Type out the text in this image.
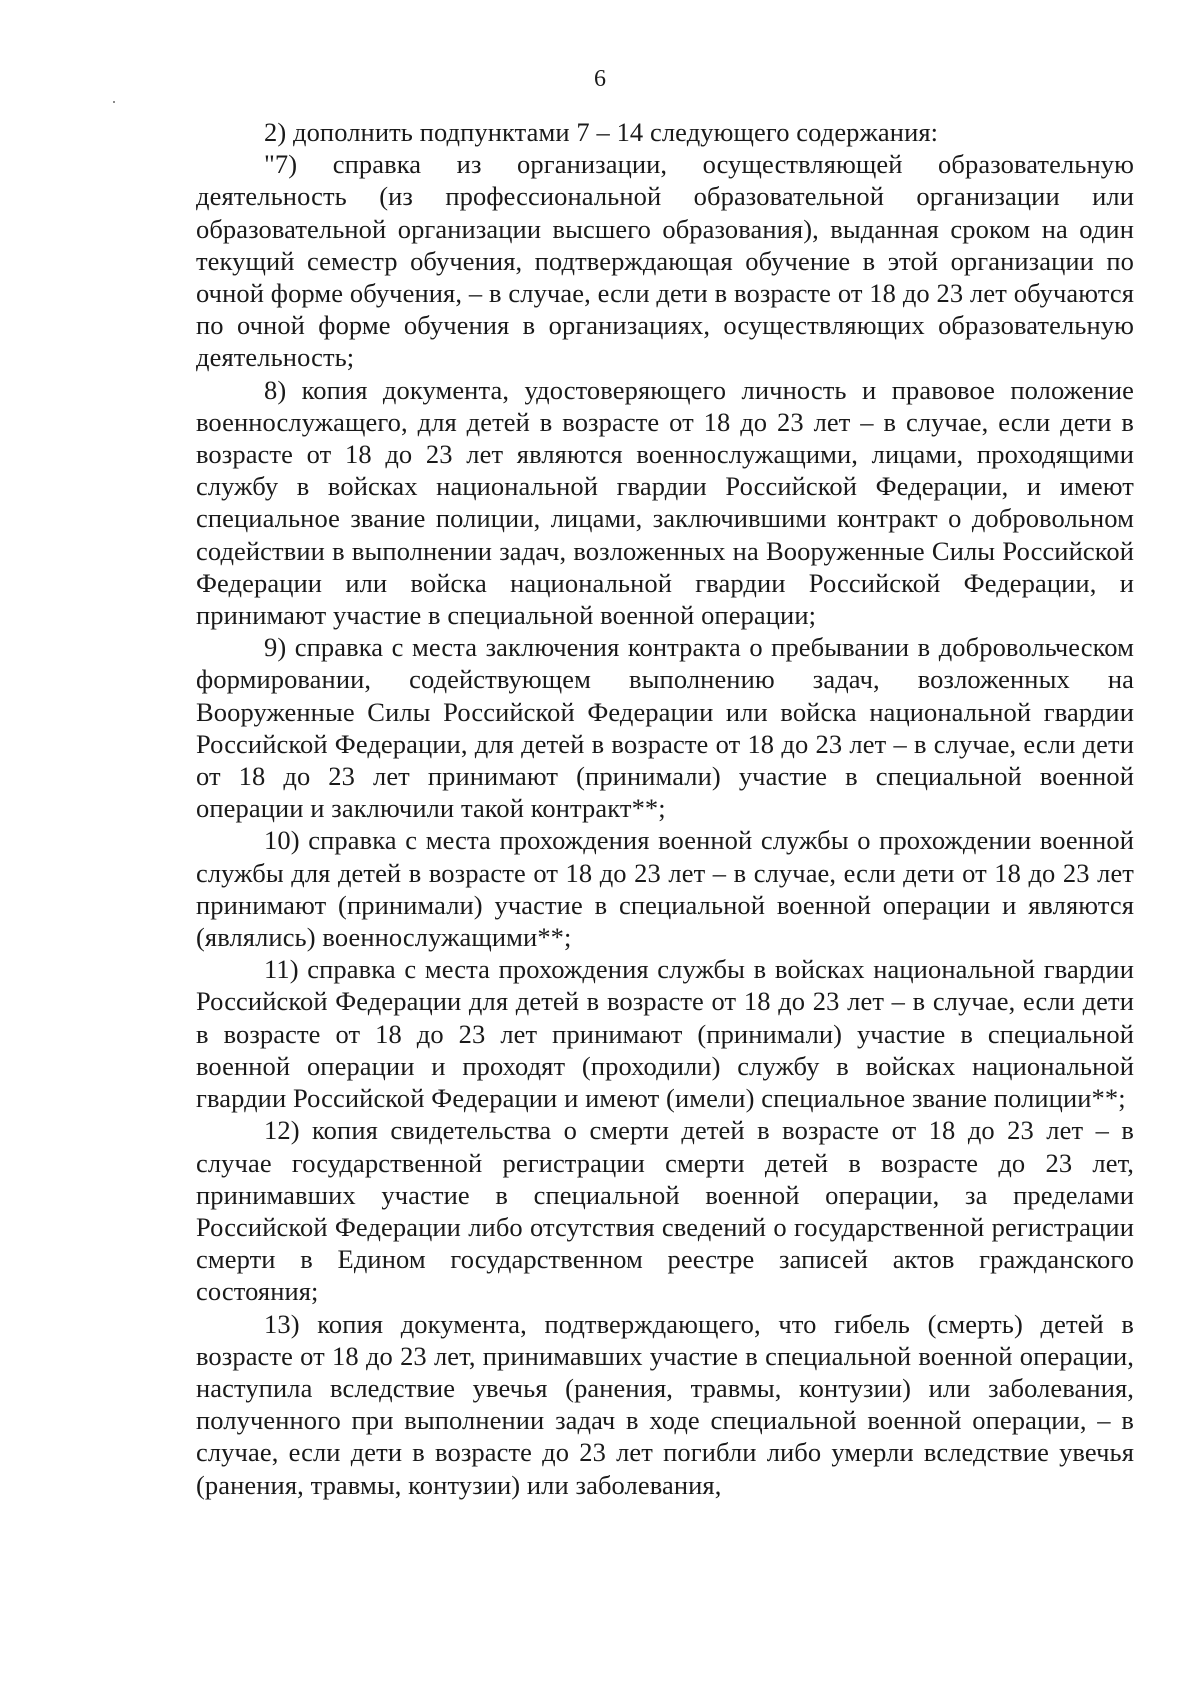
6

2) дополнить подпунктами 7 – 14 следующего содержания:

"7) справка из организации, осуществляющей образовательную деятельность (из профессиональной образовательной организации или образовательной организации высшего образования), выданная сроком на один текущий семестр обучения, подтверждающая обучение в этой организации по очной форме обучения, – в случае, если дети в возрасте от 18 до 23 лет обучаются по очной форме обучения в организациях, осуществляющих образовательную деятельность;

8) копия документа, удостоверяющего личность и правовое положение военнослужащего, для детей в возрасте от 18 до 23 лет – в случае, если дети в возрасте от 18 до 23 лет являются военнослужащими, лицами, проходящими службу в войсках национальной гвардии Российской Федерации, и имеют специальное звание полиции, лицами, заключившими контракт о добровольном содействии в выполнении задач, возложенных на Вооруженные Силы Российской Федерации или войска национальной гвардии Российской Федерации, и принимают участие в специальной военной операции;

9) справка с места заключения контракта о пребывании в добровольческом формировании, содействующем выполнению задач, возложенных на Вооруженные Силы Российской Федерации или войска национальной гвардии Российской Федерации, для детей в возрасте от 18 до 23 лет – в случае, если дети от 18 до 23 лет принимают (принимали) участие в специальной военной операции и заключили такой контракт**;

10) справка с места прохождения военной службы о прохождении военной службы для детей в возрасте от 18 до 23 лет – в случае, если дети от 18 до 23 лет принимают (принимали) участие в специальной военной операции и являются (являлись) военнослужащими**;

11) справка с места прохождения службы в войсках национальной гвардии Российской Федерации для детей в возрасте от 18 до 23 лет – в случае, если дети в возрасте от 18 до 23 лет принимают (принимали) участие в специальной военной операции и проходят (проходили) службу в войсках национальной гвардии Российской Федерации и имеют (имели) специальное звание полиции**;

12) копия свидетельства о смерти детей в возрасте от 18 до 23 лет – в случае государственной регистрации смерти детей в возрасте до 23 лет, принимавших участие в специальной военной операции, за пределами Российской Федерации либо отсутствия сведений о государственной регистрации смерти в Едином государственном реестре записей актов гражданского состояния;

13) копия документа, подтверждающего, что гибель (смерть) детей в возрасте от 18 до 23 лет, принимавших участие в специальной военной операции, наступила вследствие увечья (ранения, травмы, контузии) или заболевания, полученного при выполнении задач в ходе специальной военной операции, – в случае, если дети в возрасте до 23 лет погибли либо умерли вследствие увечья (ранения, травмы, контузии) или заболевания,
